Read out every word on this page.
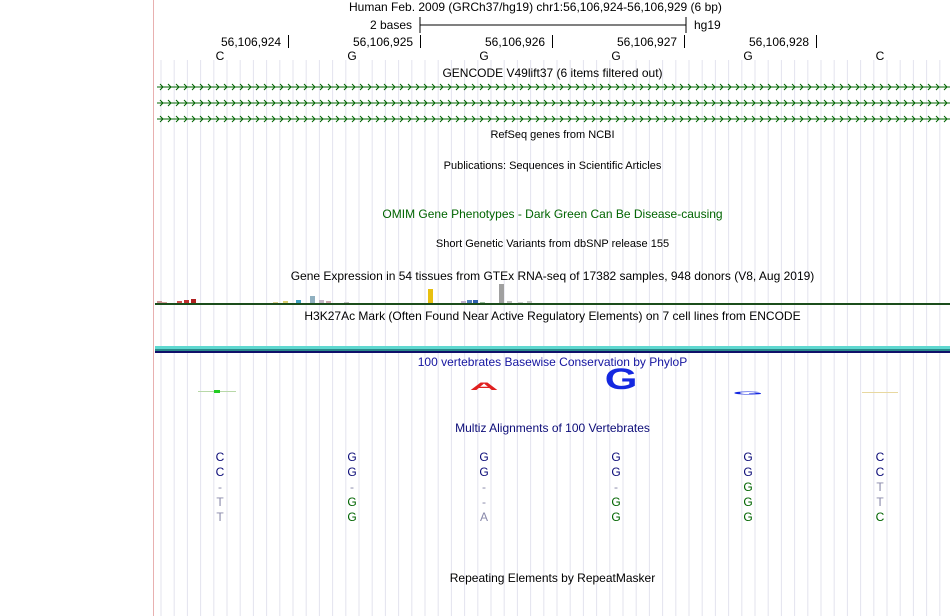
Human Feb. 2009 (GRCh37/hg19) chr1:56,106,924-56,106,929 (6 bp)
2 bases	hg19
56,106,924	56,106,925	56,106,926	56,106,927	56,106,928
C	G	G	G	G	C
GENCODE V49lift37 (6 items filtered out)
RefSeq genes from NCBI
Publications: Sequences in Scientific Articles
OMIM Gene Phenotypes - Dark Green Can Be Disease-causing
Short Genetic Variants from dbSNP release 155
Gene Expression in 54 tissues from GTEx RNA-seq of 17382 samples, 948 donors (V8, Aug 2019)
H3K27Ac Mark (Often Found Near Active Regulatory Elements) on 7 cell lines from ENCODE
100 vertebrates Basewise Conservation by PhyloP
Multiz Alignments of 100 Vertebrates
Repeating Elements by RepeatMasker
A	G	G
C	G	G	G	G	C
C	G	G	G	G	C
-	-	-	-	G	T
T	G	-	G	G	T
T	G	A	G	G	C
